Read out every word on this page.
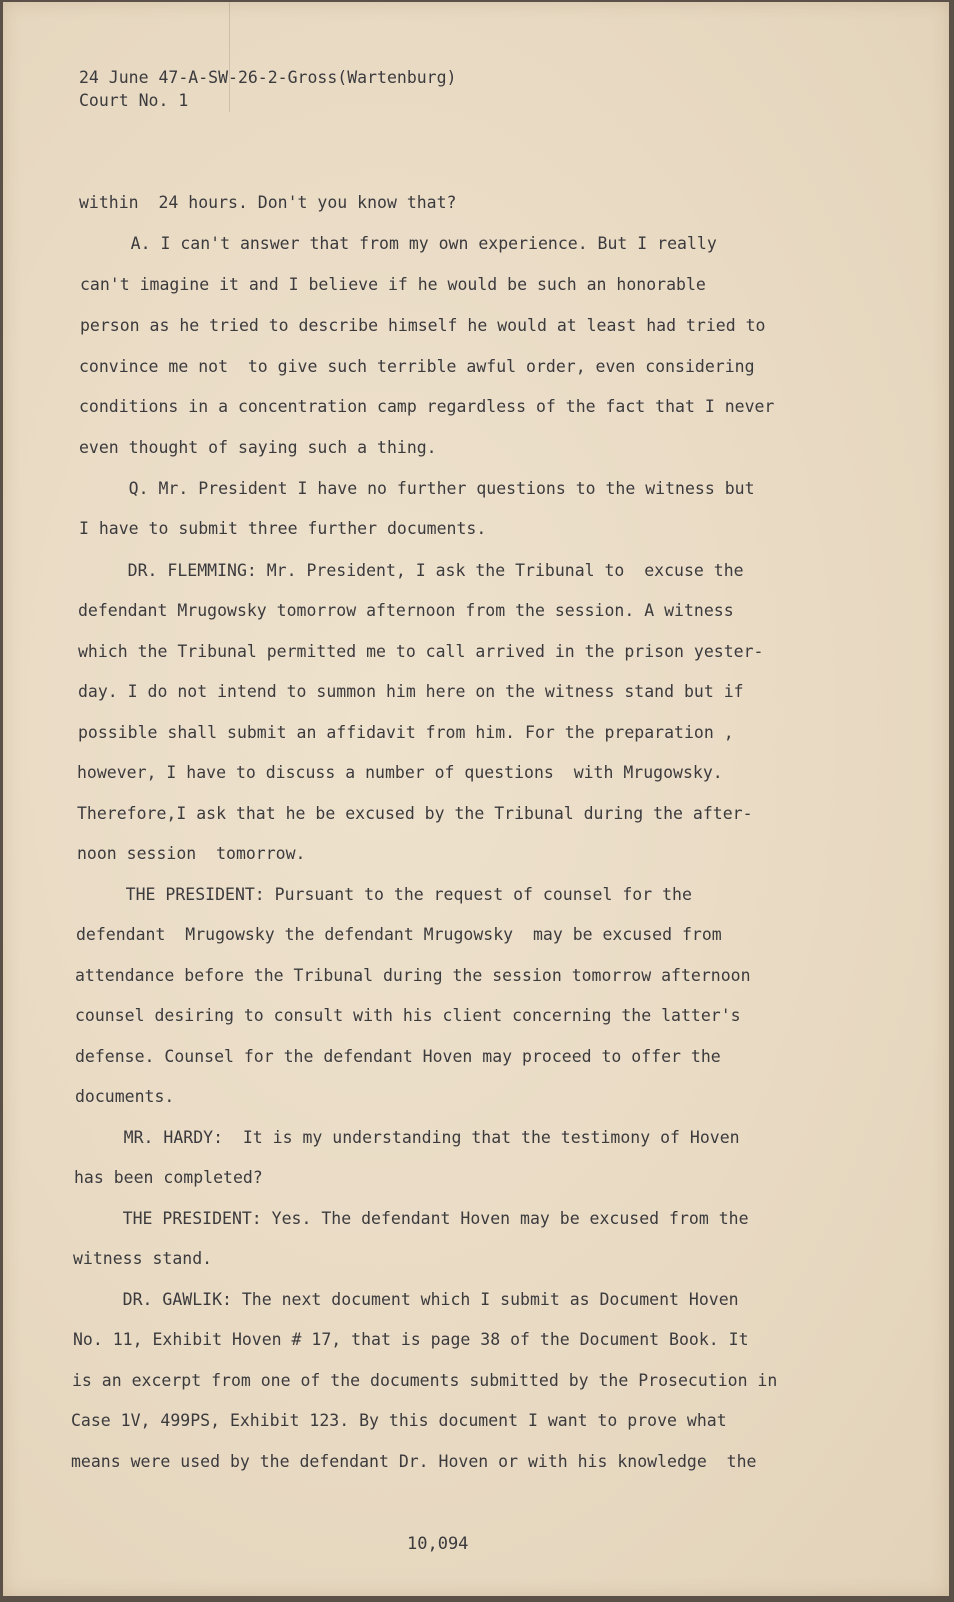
24 June 47-A-SW-26-2-Gross(Wartenburg)
Court No. 1
within  24 hours. Don't you know that?
A. I can't answer that from my own experience. But I really
can't imagine it and I believe if he would be such an honorable
person as he tried to describe himself he would at least had tried to
convince me not  to give such terrible awful order, even considering
conditions in a concentration camp regardless of the fact that I never
even thought of saying such a thing.
Q. Mr. President I have no further questions to the witness but
I have to submit three further documents.
DR. FLEMMING: Mr. President, I ask the Tribunal to  excuse the
defendant Mrugowsky tomorrow afternoon from the session. A witness
which the Tribunal permitted me to call arrived in the prison yester-
day. I do not intend to summon him here on the witness stand but if
possible shall submit an affidavit from him. For the preparation ,
however, I have to discuss a number of questions  with Mrugowsky.
Therefore,I ask that he be excused by the Tribunal during the after-
noon session  tomorrow.
THE PRESIDENT: Pursuant to the request of counsel for the
defendant  Mrugowsky the defendant Mrugowsky  may be excused from
attendance before the Tribunal during the session tomorrow afternoon
counsel desiring to consult with his client concerning the latter's
defense. Counsel for the defendant Hoven may proceed to offer the
documents.
MR. HARDY:  It is my understanding that the testimony of Hoven
has been completed?
THE PRESIDENT: Yes. The defendant Hoven may be excused from the
witness stand.
DR. GAWLIK: The next document which I submit as Document Hoven
No. 11, Exhibit Hoven # 17, that is page 38 of the Document Book. It
is an excerpt from one of the documents submitted by the Prosecution in
Case 1V, 499PS, Exhibit 123. By this document I want to prove what
means were used by the defendant Dr. Hoven or with his knowledge  the
10,094
